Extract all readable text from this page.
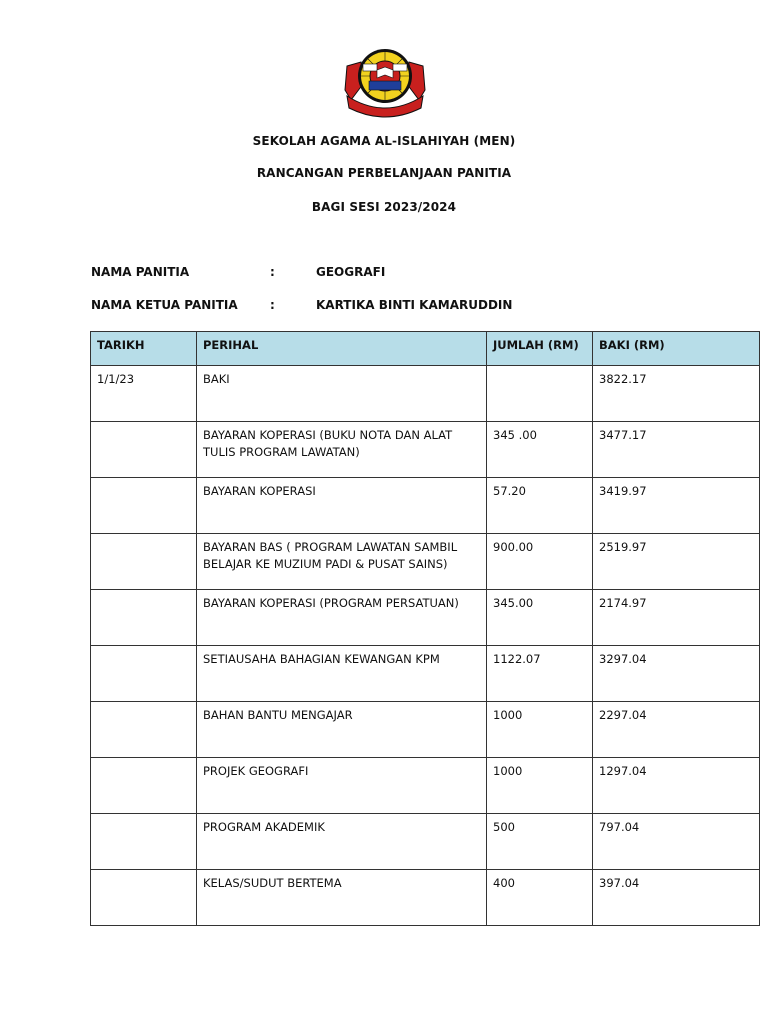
SEKOLAH AGAMA AL-ISLAHIYAH (MEN)
RANCANGAN PERBELANJAAN PANITIA
BAGI SESI 2023/2024
NAMA PANITIA	:	GEOGRAFI
NAMA KETUA PANITIA	:	KARTIKA BINTI KAMARUDDIN
TARIKH	PERIHAL	JUMLAH (RM)	BAKI (RM)
1/1/23	BAKI		3822.17
	BAYARAN KOPERASI (BUKU NOTA DAN ALAT TULIS PROGRAM LAWATAN)	345 .00	3477.17
	BAYARAN KOPERASI	57.20	3419.97
	BAYARAN BAS ( PROGRAM LAWATAN SAMBIL BELAJAR KE MUZIUM PADI & PUSAT SAINS)	900.00	2519.97
	BAYARAN KOPERASI (PROGRAM PERSATUAN)	345.00	2174.97
	SETIAUSAHA BAHAGIAN KEWANGAN KPM	1122.07	3297.04
	BAHAN BANTU MENGAJAR	1000	2297.04
	PROJEK GEOGRAFI	1000	1297.04
	PROGRAM AKADEMIK	500	797.04
	KELAS/SUDUT BERTEMA	400	397.04
